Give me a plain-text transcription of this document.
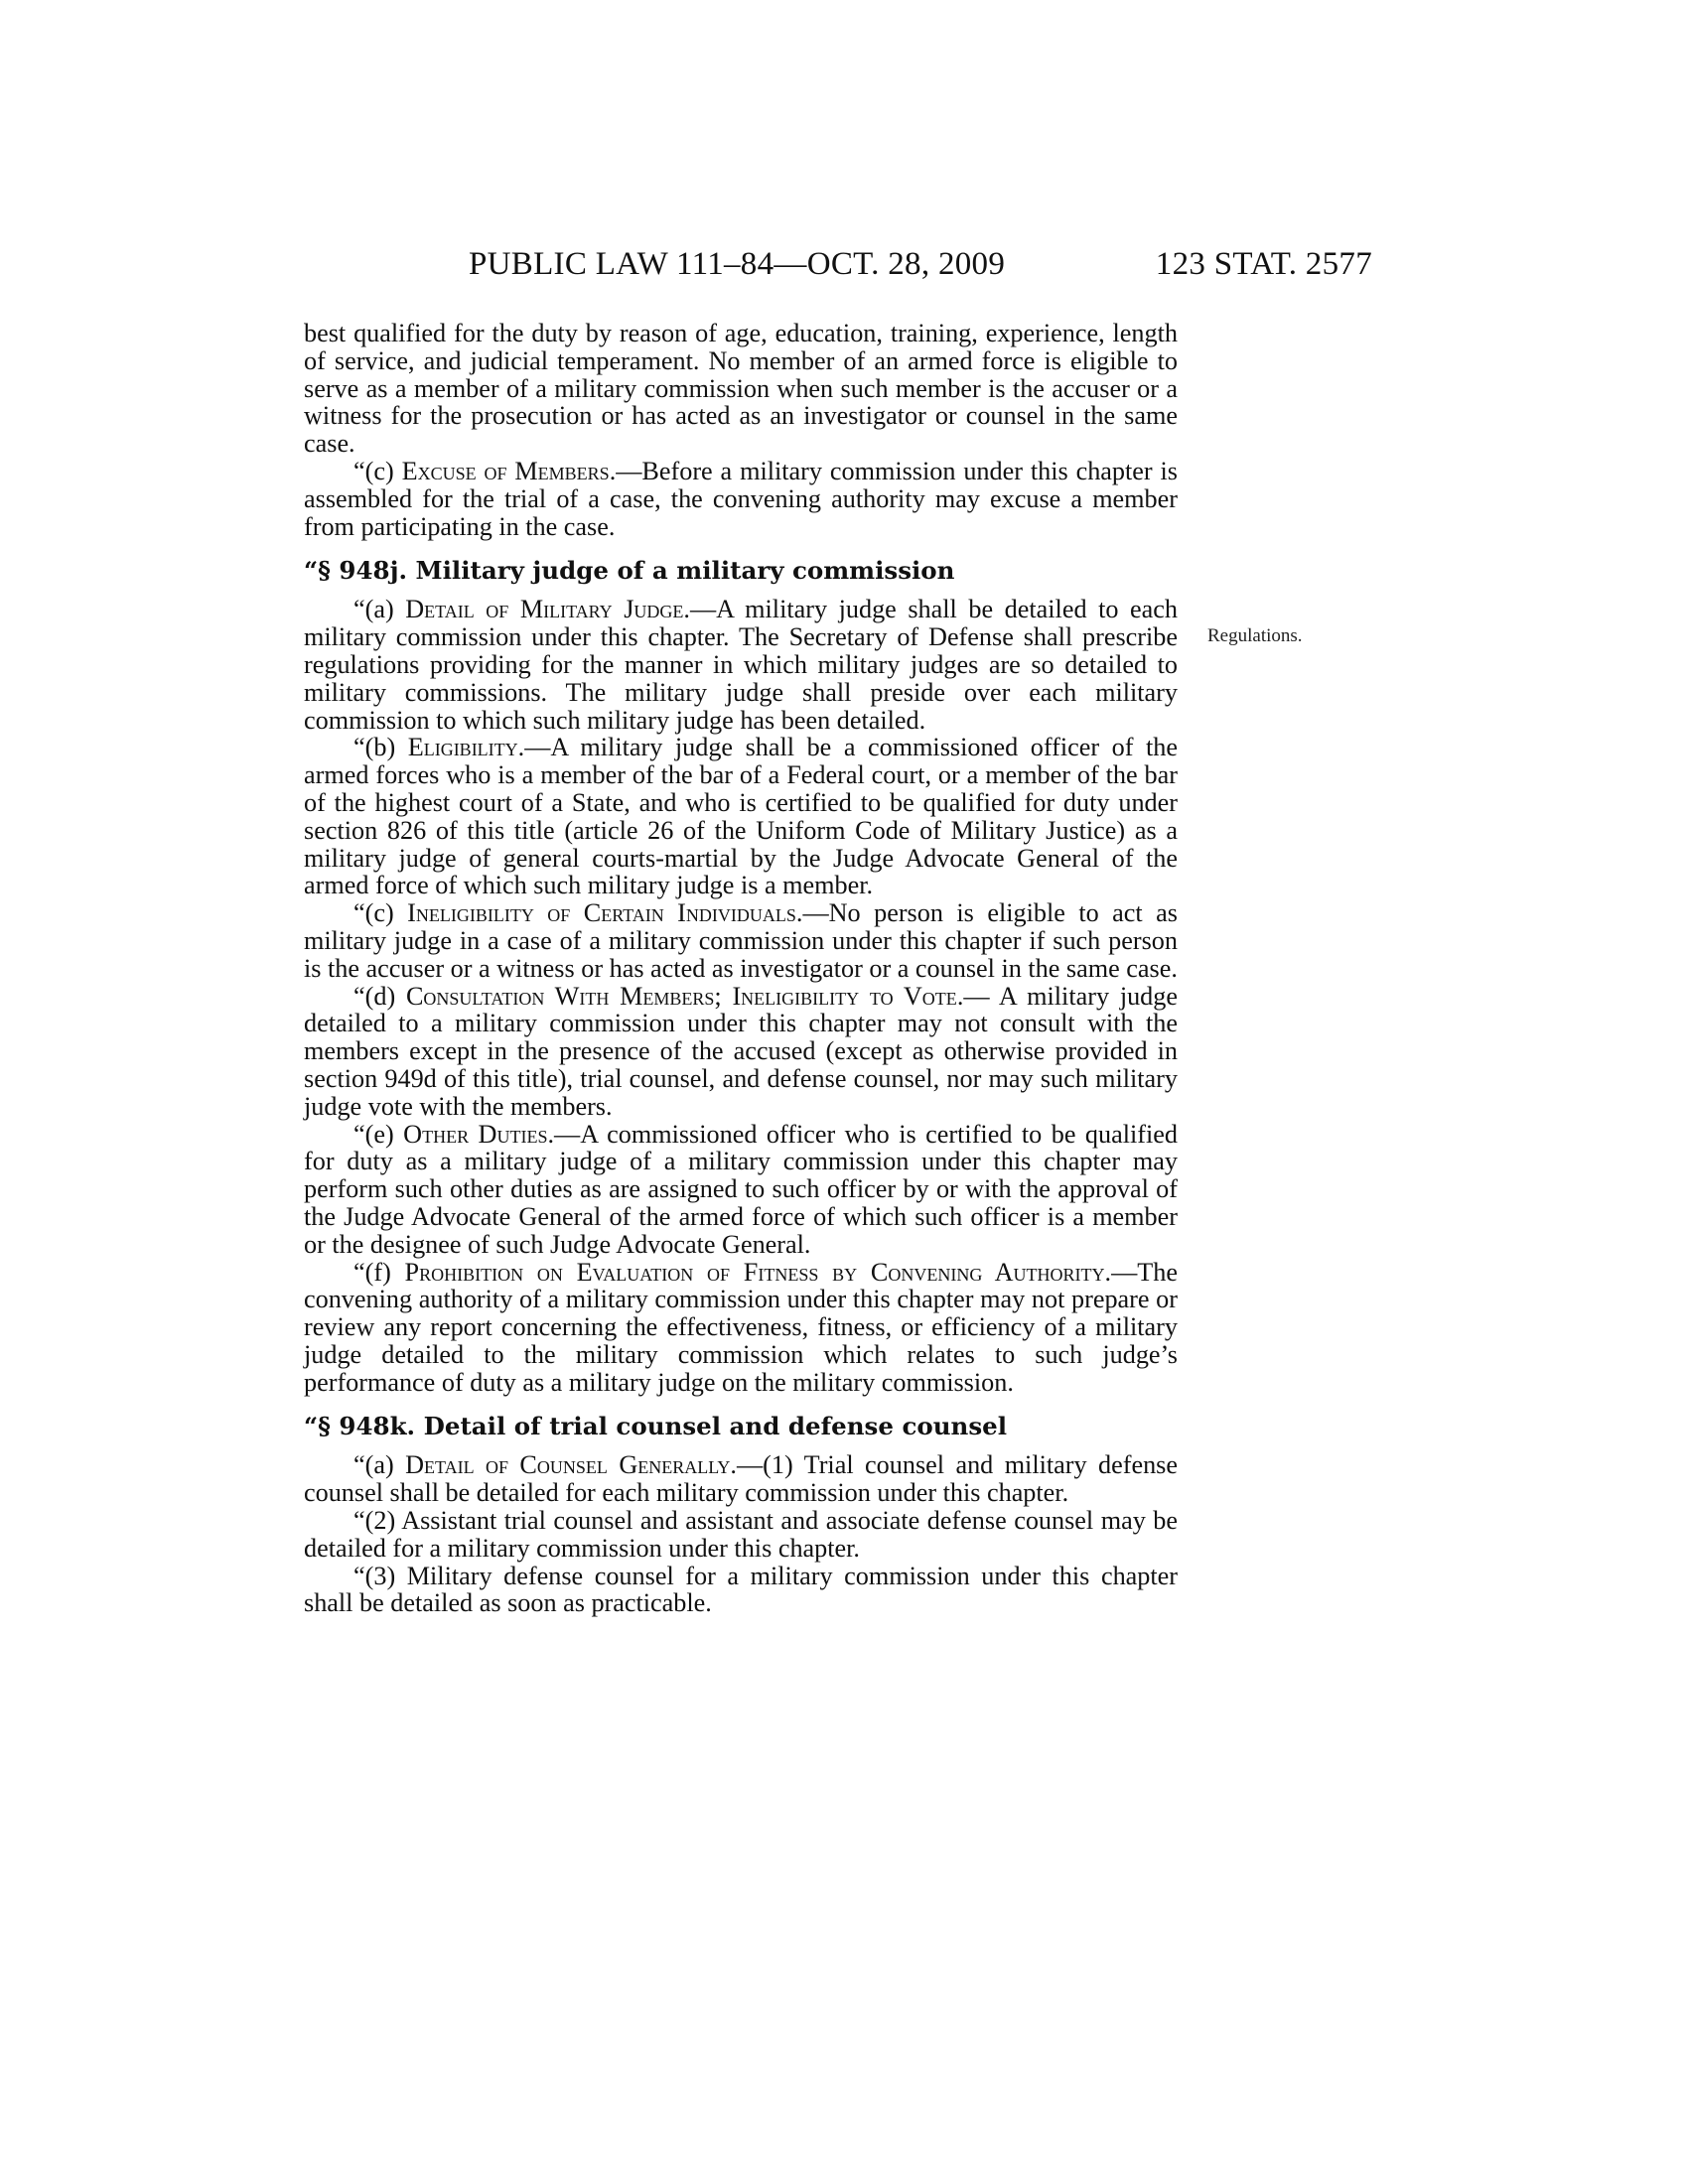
PUBLIC LAW 111–84—OCT. 28, 2009	123 STAT. 2577
Regulations.

best qualified for the duty by reason of age, education, training, experience, length of service, and judicial temperament. No member of an armed force is eligible to serve as a member of a military commission when such member is the accuser or a witness for the prosecution or has acted as an investigator or counsel in the same case.

“(c) Excuse of Members.—Before a military commission under this chapter is assembled for the trial of a case, the convening authority may excuse a member from participating in the case.

“§ 948j. Military judge of a military commission

“(a) Detail of Military Judge.—A military judge shall be detailed to each military commission under this chapter. The Secretary of Defense shall prescribe regulations providing for the manner in which military judges are so detailed to military commissions. The military judge shall preside over each military commission to which such military judge has been detailed.

“(b) Eligibility.—A military judge shall be a commissioned officer of the armed forces who is a member of the bar of a Federal court, or a member of the bar of the highest court of a State, and who is certified to be qualified for duty under section 826 of this title (article 26 of the Uniform Code of Military Justice) as a military judge of general courts-martial by the Judge Advocate General of the armed force of which such military judge is a member.

“(c) Ineligibility of Certain Individuals.—No person is eligible to act as military judge in a case of a military commission under this chapter if such person is the accuser or a witness or has acted as investigator or a counsel in the same case.

“(d) Consultation With Members; Ineligibility to Vote.— A military judge detailed to a military commission under this chapter may not consult with the members except in the presence of the accused (except as otherwise provided in section 949d of this title), trial counsel, and defense counsel, nor may such military judge vote with the members.

“(e) Other Duties.—A commissioned officer who is certified to be qualified for duty as a military judge of a military commission under this chapter may perform such other duties as are assigned to such officer by or with the approval of the Judge Advocate General of the armed force of which such officer is a member or the designee of such Judge Advocate General.

“(f) Prohibition on Evaluation of Fitness by Convening Authority.—The convening authority of a military commission under this chapter may not prepare or review any report concerning the effectiveness, fitness, or efficiency of a military judge detailed to the military commission which relates to such judge’s performance of duty as a military judge on the military commission.

“§ 948k. Detail of trial counsel and defense counsel

“(a) Detail of Counsel Generally.—(1) Trial counsel and military defense counsel shall be detailed for each military commission under this chapter.

“(2) Assistant trial counsel and assistant and associate defense counsel may be detailed for a military commission under this chapter.

“(3) Military defense counsel for a military commission under this chapter shall be detailed as soon as practicable.
